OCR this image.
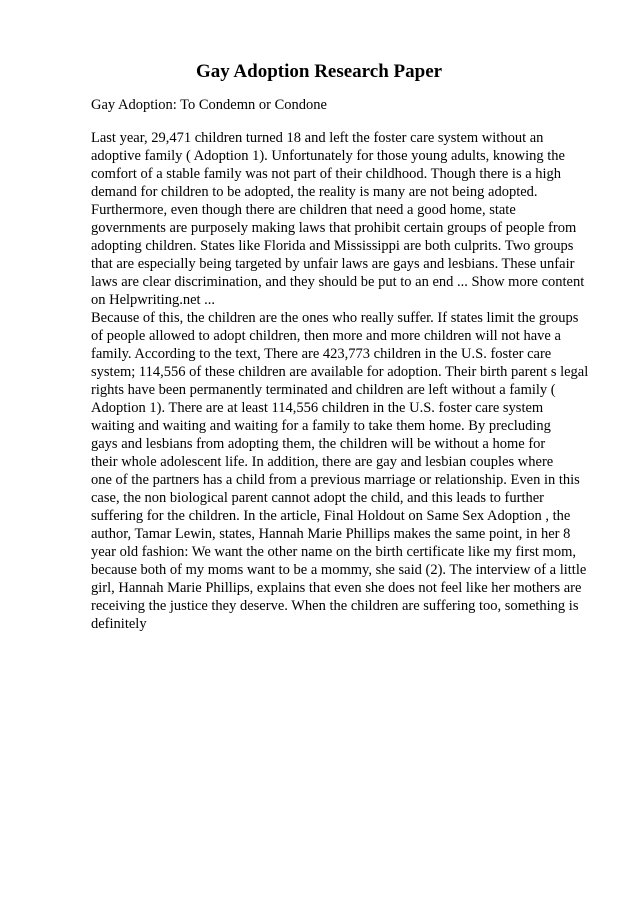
Gay Adoption Research Paper

Gay Adoption: To Condemn or Condone

Last year, 29,471 children turned 18 and left the foster care system without an
adoptive family ( Adoption 1). Unfortunately for those young adults, knowing the
comfort of a stable family was not part of their childhood. Though there is a high
demand for children to be adopted, the reality is many are not being adopted.
Furthermore, even though there are children that need a good home, state
governments are purposely making laws that prohibit certain groups of people from
adopting children. States like Florida and Mississippi are both culprits. Two groups
that are especially being targeted by unfair laws are gays and lesbians. These unfair
laws are clear discrimination, and they should be put to an end ... Show more content
on Helpwriting.net ...
Because of this, the children are the ones who really suffer. If states limit the groups
of people allowed to adopt children, then more and more children will not have a
family. According to the text, There are 423,773 children in the U.S. foster care
system; 114,556 of these children are available for adoption. Their birth parent s legal
rights have been permanently terminated and children are left without a family (
Adoption 1). There are at least 114,556 children in the U.S. foster care system
waiting and waiting and waiting for a family to take them home. By precluding
gays and lesbians from adopting them, the children will be without a home for
their whole adolescent life. In addition, there are gay and lesbian couples where
one of the partners has a child from a previous marriage or relationship. Even in this
case, the non biological parent cannot adopt the child, and this leads to further
suffering for the children. In the article, Final Holdout on Same Sex Adoption , the
author, Tamar Lewin, states, Hannah Marie Phillips makes the same point, in her 8
year old fashion: We want the other name on the birth certificate like my first mom,
because both of my moms want to be a mommy, she said (2). The interview of a little
girl, Hannah Marie Phillips, explains that even she does not feel like her mothers are
receiving the justice they deserve. When the children are suffering too, something is
definitely
